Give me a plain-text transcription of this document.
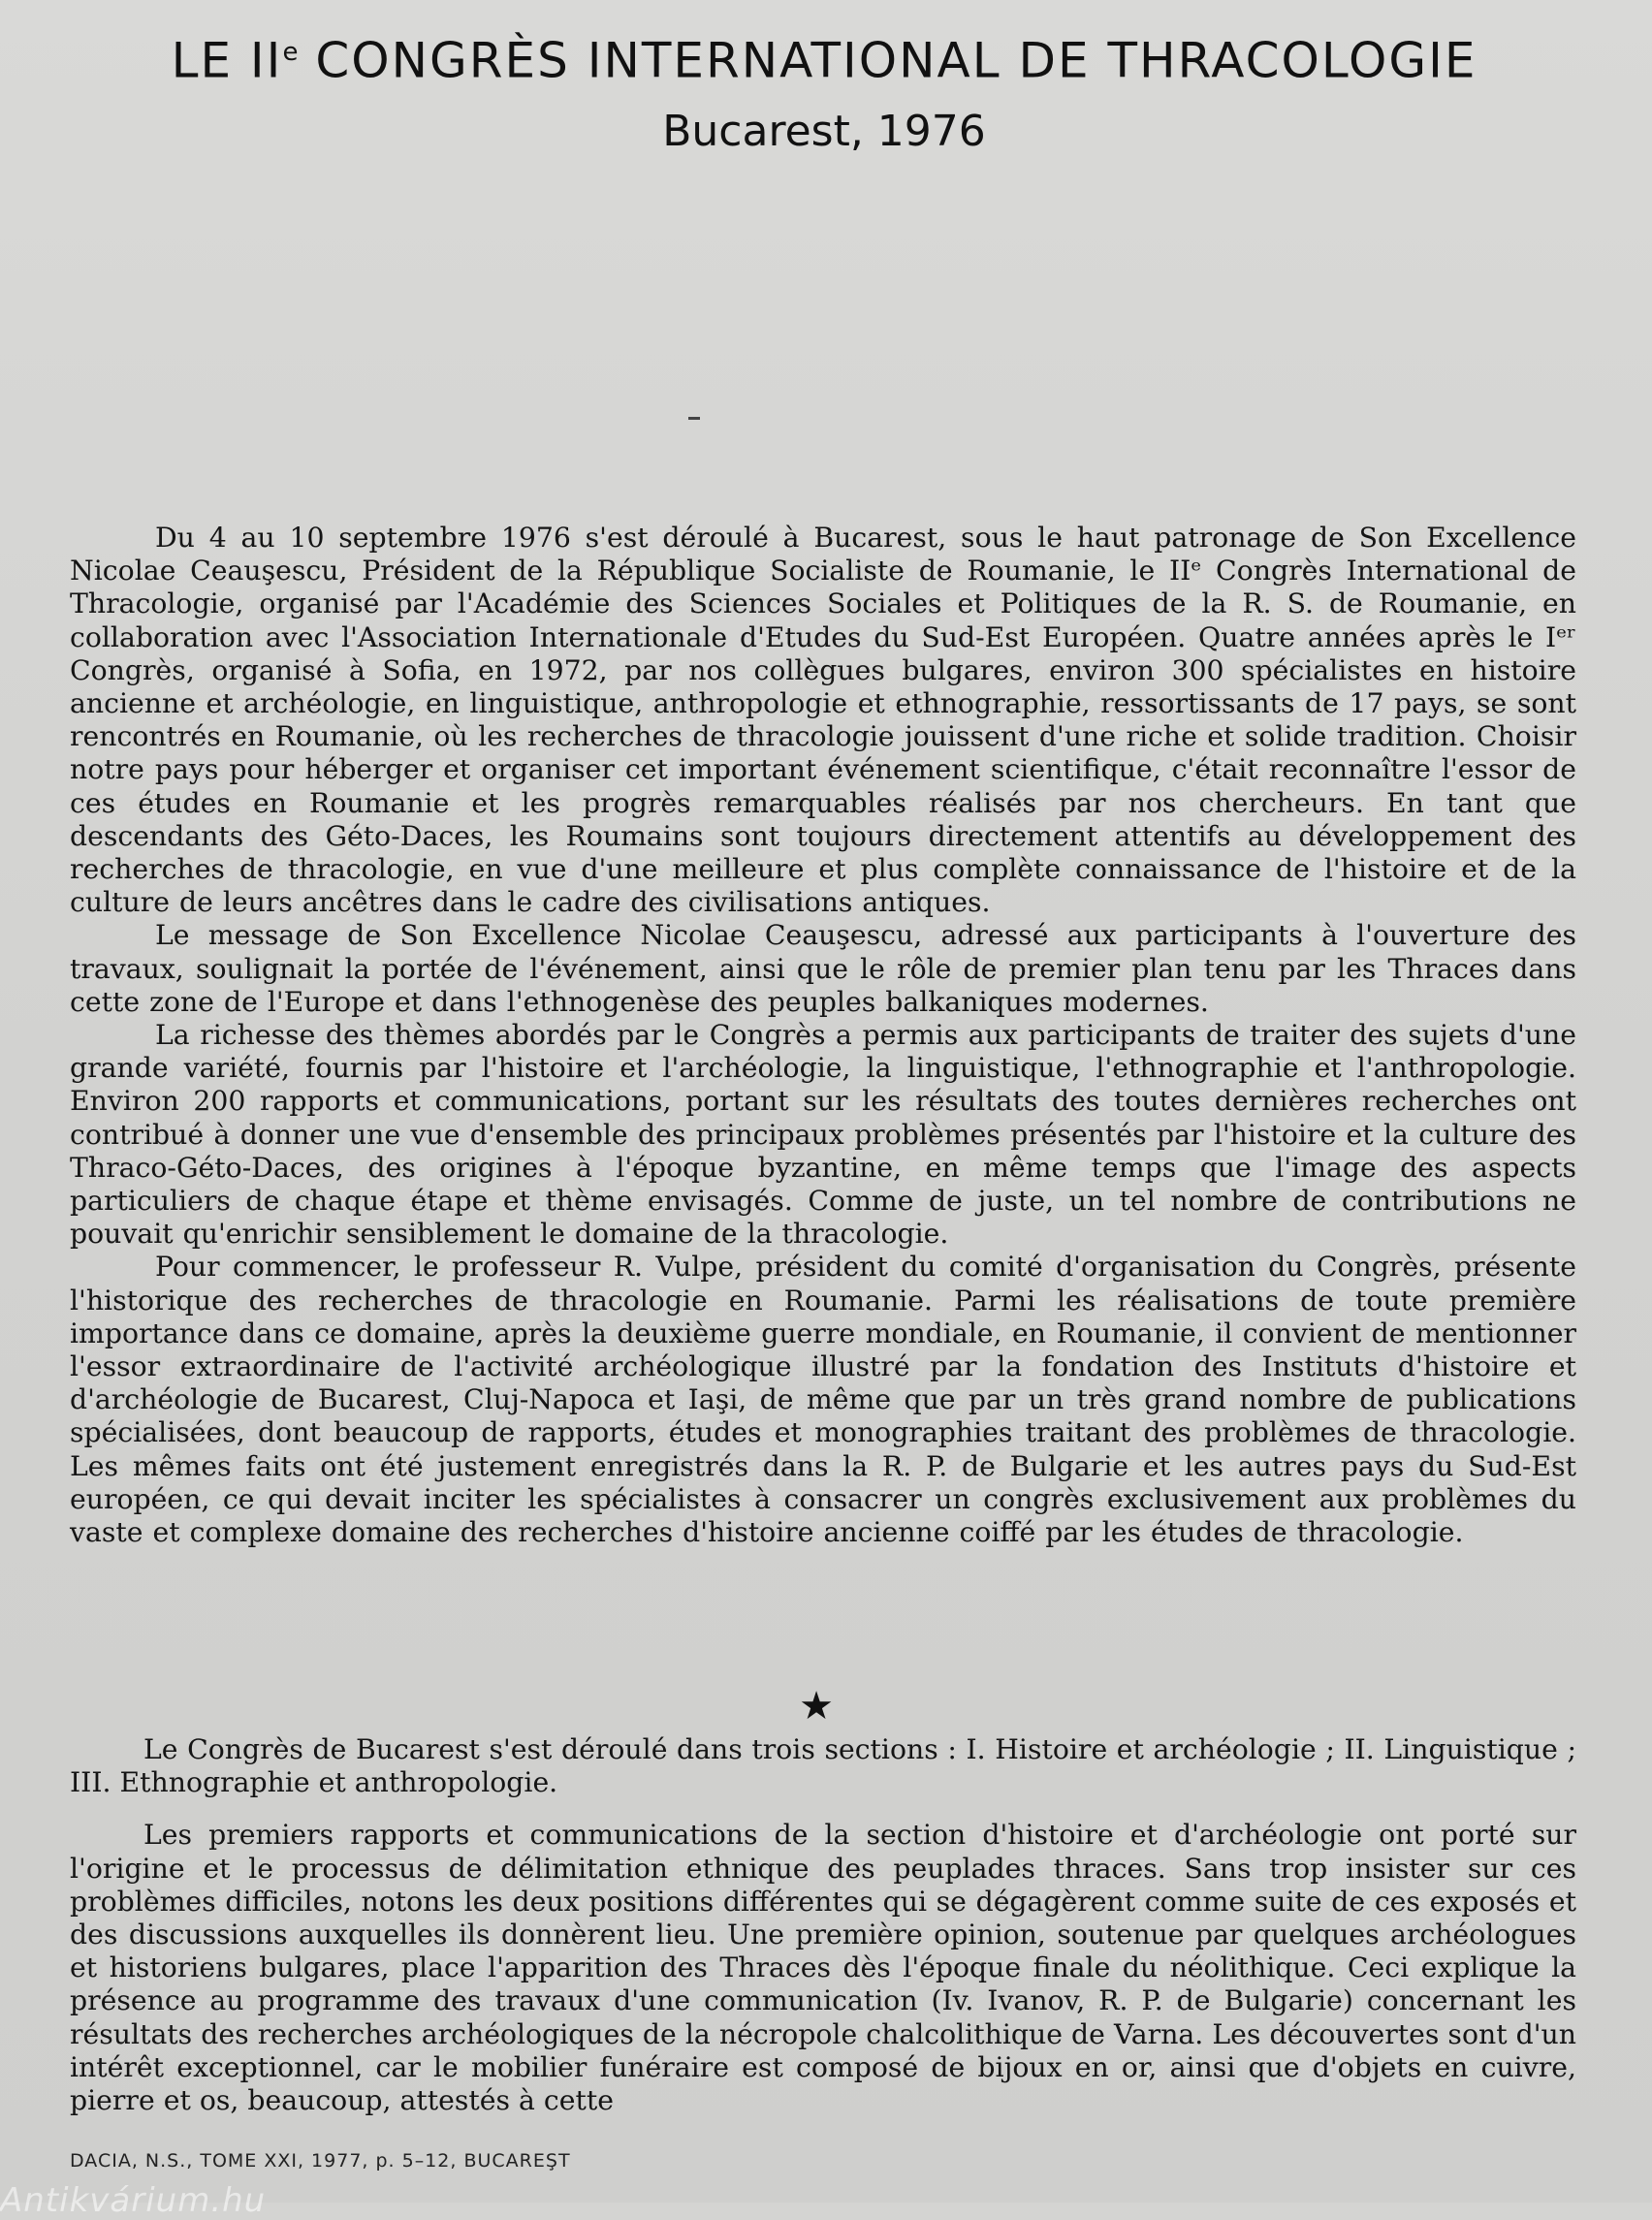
LE IIe CONGRÈS INTERNATIONAL DE THRACOLOGIE
Bucarest, 1976

Du 4 au 10 septembre 1976 s'est déroulé à Bucarest, sous le haut patronage de Son Excellence Nicolae Ceauşescu, Président de la République Socialiste de Roumanie, le IIᵉ Congrès International de Thracologie, organisé par l'Académie des Sciences Sociales et Politiques de la R. S. de Roumanie, en collaboration avec l'Association Internationale d'Etudes du Sud-Est Européen. Quatre années après le Iᵉʳ Congrès, organisé à Sofia, en 1972, par nos collègues bulgares, environ 300 spécialistes en histoire ancienne et archéologie, en linguistique, anthropologie et ethnographie, ressortissants de 17 pays, se sont rencontrés en Roumanie, où les recherches de thracologie jouissent d'une riche et solide tradition. Choisir notre pays pour héberger et organiser cet important événement scientifique, c'était reconnaître l'essor de ces études en Roumanie et les progrès remarquables réalisés par nos chercheurs. En tant que descendants des Géto-Daces, les Roumains sont toujours directement attentifs au développement des recherches de thracologie, en vue d'une meilleure et plus complète connaissance de l'histoire et de la culture de leurs ancêtres dans le cadre des civilisations antiques.

Le message de Son Excellence Nicolae Ceauşescu, adressé aux participants à l'ouverture des travaux, soulignait la portée de l'événement, ainsi que le rôle de premier plan tenu par les Thraces dans cette zone de l'Europe et dans l'ethnogenèse des peuples balkaniques modernes.

La richesse des thèmes abordés par le Congrès a permis aux participants de traiter des sujets d'une grande variété, fournis par l'histoire et l'archéologie, la linguistique, l'ethnographie et l'anthropologie. Environ 200 rapports et communications, portant sur les résultats des toutes dernières recherches ont contribué à donner une vue d'ensemble des principaux problèmes présentés par l'histoire et la culture des Thraco-Géto-Daces, des origines à l'époque byzantine, en même temps que l'image des aspects particuliers de chaque étape et thème envisagés. Comme de juste, un tel nombre de contributions ne pouvait qu'enrichir sensiblement le domaine de la thracologie.

Pour commencer, le professeur R. Vulpe, président du comité d'organisation du Congrès, présente l'historique des recherches de thracologie en Roumanie. Parmi les réalisations de toute première importance dans ce domaine, après la deuxième guerre mondiale, en Roumanie, il convient de mentionner l'essor extraordinaire de l'activité archéologique illustré par la fondation des Instituts d'histoire et d'archéologie de Bucarest, Cluj-Napoca et Iaşi, de même que par un très grand nombre de publications spécialisées, dont beaucoup de rapports, études et monographies traitant des problèmes de thracologie. Les mêmes faits ont été justement enregistrés dans la R. P. de Bulgarie et les autres pays du Sud-Est européen, ce qui devait inciter les spécialistes à consacrer un congrès exclusivement aux problèmes du vaste et complexe domaine des recherches d'histoire ancienne coiffé par les études de thracologie.

★

Le Congrès de Bucarest s'est déroulé dans trois sections : I. Histoire et archéologie ; II. Linguistique ; III. Ethnographie et anthropologie.

Les premiers rapports et communications de la section d'histoire et d'archéologie ont porté sur l'origine et le processus de délimitation ethnique des peuplades thraces. Sans trop insister sur ces problèmes difficiles, notons les deux positions différentes qui se dégagèrent comme suite de ces exposés et des discussions auxquelles ils donnèrent lieu. Une première opinion, soutenue par quelques archéologues et historiens bulgares, place l'apparition des Thraces dès l'époque finale du néolithique. Ceci explique la présence au programme des travaux d'une communication (Iv. Ivanov, R. P. de Bulgarie) concernant les résultats des recherches archéologiques de la nécropole chalcolithique de Varna. Les découvertes sont d'un intérêt exceptionnel, car le mobilier funéraire est composé de bijoux en or, ainsi que d'objets en cuivre, pierre et os, beaucoup, attestés à cette

DACIA, N.S., TOME XXI, 1977, p. 5–12, BUCAREŞT
Antikvárium.hu
